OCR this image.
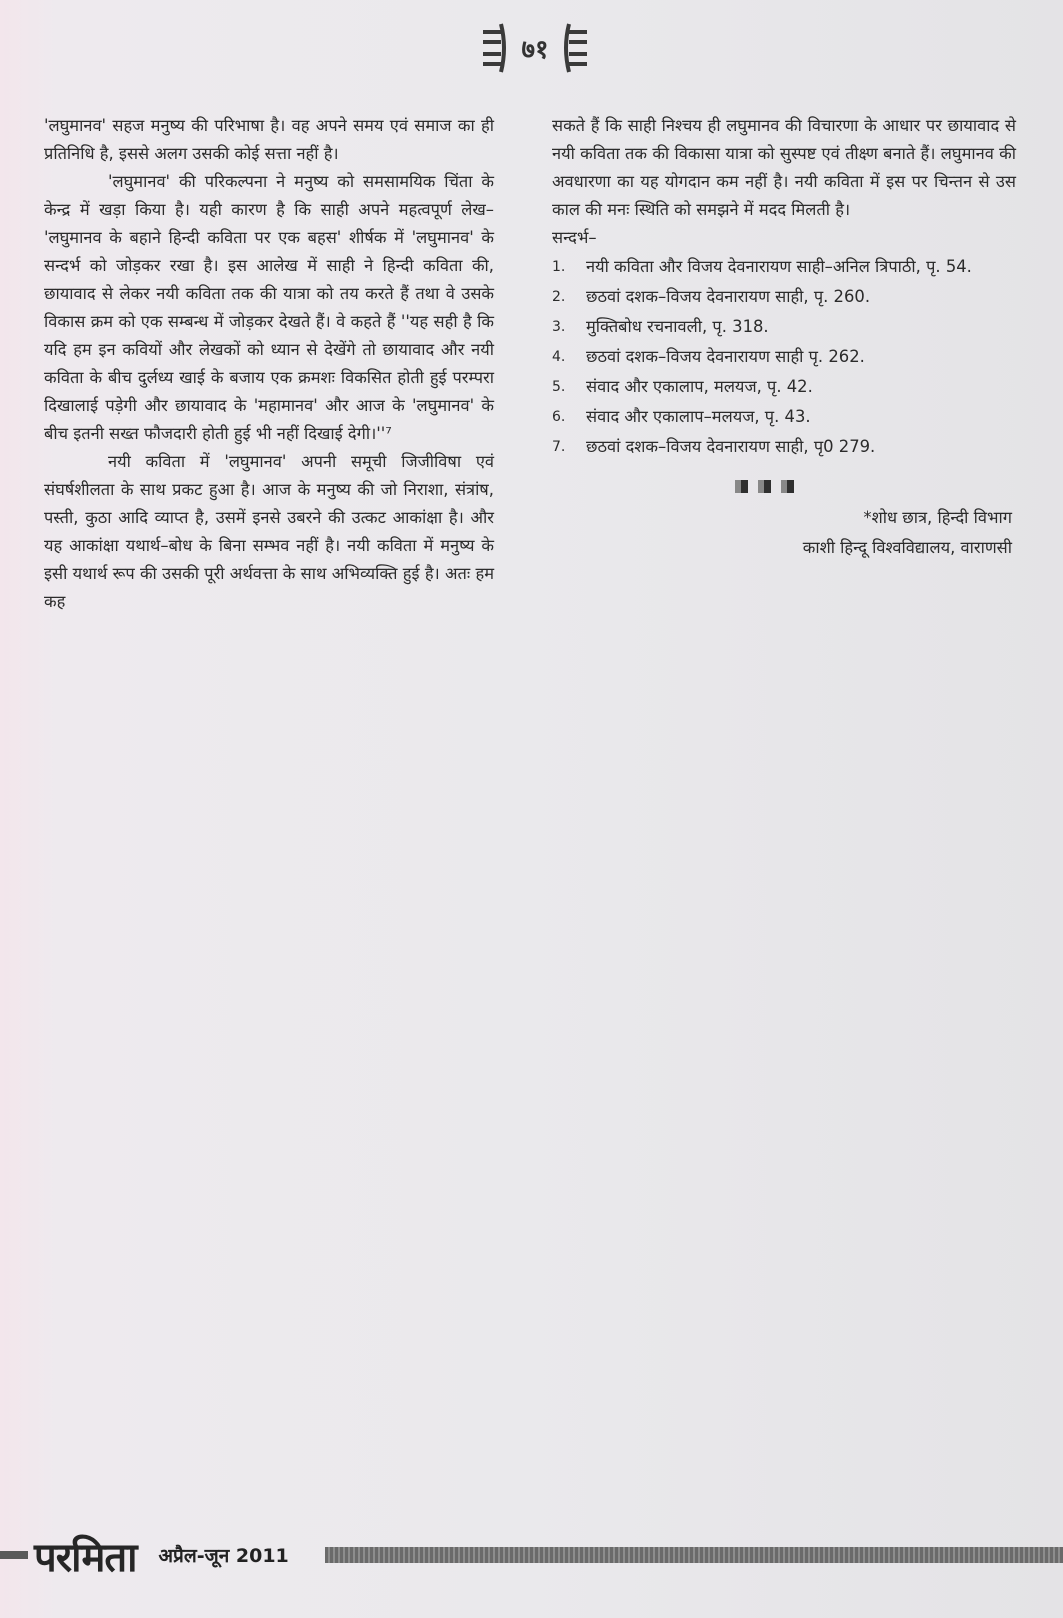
७१

'लघुमानव' सहज मनुष्य की परिभाषा है। वह अपने समय एवं समाज का ही प्रतिनिधि है, इससे अलग उसकी कोई सत्ता नहीं है।

'लघुमानव' की परिकल्पना ने मनुष्य को समसामयिक चिंता के केन्द्र में खड़ा किया है। यही कारण है कि साही अपने महत्वपूर्ण लेख– 'लघुमानव के बहाने हिन्दी कविता पर एक बहस' शीर्षक में 'लघुमानव' के सन्दर्भ को जोड़कर रखा है। इस आलेख में साही ने हिन्दी कविता की, छायावाद से लेकर नयी कविता तक की यात्रा को तय करते हैं तथा वे उसके विकास क्रम को एक सम्बन्ध में जोड़कर देखते हैं। वे कहते हैं ''यह सही है कि यदि हम इन कवियों और लेखकों को ध्यान से देखेंगे तो छायावाद और नयी कविता के बीच दुर्लध्य खाई के बजाय एक क्रमशः विकसित होती हुई परम्परा दिखालाई पड़ेगी और छायावाद के 'महामानव' और आज के 'लघुमानव' के बीच इतनी सख्त फौजदारी होती हुई भी नहीं दिखाई देगी।''⁷

नयी कविता में 'लघुमानव' अपनी समूची जिजीविषा एवं संघर्षशीलता के साथ प्रकट हुआ है। आज के मनुष्य की जो निराशा, संत्रांष, पस्ती, कुठा आदि व्याप्त है, उसमें इनसे उबरने की उत्कट आकांक्षा है। और यह आकांक्षा यथार्थ–बोध के बिना सम्भव नहीं है। नयी कविता में मनुष्य के इसी यथार्थ रूप की उसकी पूरी अर्थवत्ता के साथ अभिव्यक्ति हुई है। अतः हम कह

सकते हैं कि साही निश्चय ही लघुमानव की विचारणा के आधार पर छायावाद से नयी कविता तक की विकासा यात्रा को सुस्पष्ट एवं तीक्ष्ण बनाते हैं। लघुमानव की अवधारणा का यह योगदान कम नहीं है। नयी कविता में इस पर चिन्तन से उस काल की मनः स्थिति को समझने में मदद मिलती है।

सन्दर्भ–

1.	नयी कविता और विजय देवनारायण साही–अनिल त्रिपाठी, पृ. 54.
2.	छठवां दशक–विजय देवनारायण साही, पृ. 260.
3.	मुक्तिबोध रचनावली, पृ. 318.
4.	छठवां दशक–विजय देवनारायण साही पृ. 262.
5.	संवाद और एकालाप, मलयज, पृ. 42.
6.	संवाद और एकालाप–मलयज, पृ. 43.
7.	छठवां दशक–विजय देवनारायण साही, पृ0 279.
*शोध छात्र, हिन्दी विभाग
काशी हिन्दू विश्वविद्यालय, वाराणसी
परमिता अप्रैल-जून 2011
